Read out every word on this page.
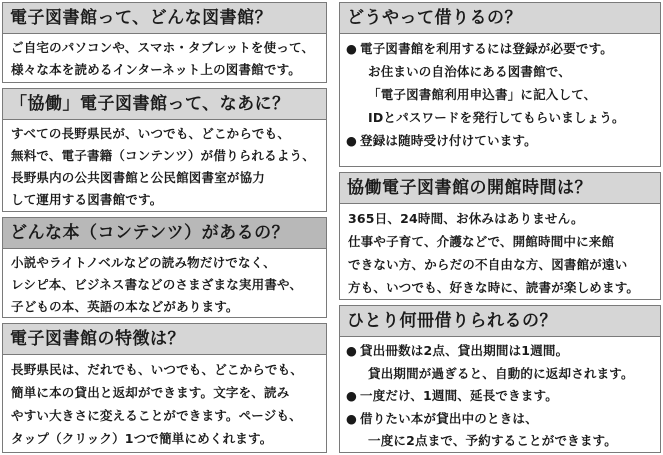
電子図書館って、どんな図書館？
ご自宅のパソコンや、スマホ・タブレットを使って、
様々な本を読めるインターネット上の図書館です。
「協働」電子図書館って、なあに？
すべての長野県民が、いつでも、どこからでも、
無料で、電子書籍（コンテンツ）が借りられるよう、
長野県内の公共図書館と公民館図書室が協力
して運用する図書館です。
どんな本（コンテンツ）があるの？
小説やライトノベルなどの読み物だけでなく、
レシピ本、ビジネス書などのさまざまな実用書や、
子どもの本、英語の本などがあります。
電子図書館の特徴は？
長野県民は、だれでも、いつでも、どこからでも、
簡単に本の貸出と返却ができます。文字を、読み
やすい大きさに変えることができます。ページも、
タップ（クリック）1つで簡単にめくれます。
どうやって借りるの？
● 電子図書館を利用するには登録が必要です。
お住まいの自治体にある図書館で、
「電子図書館利用申込書」に記入して、
IDとパスワードを発行してもらいましょう。
● 登録は随時受け付けています。
協働電子図書館の開館時間は？
365日、24時間、お休みはありません。
仕事や子育て、介護などで、開館時間中に来館
できない方、からだの不自由な方、図書館が遠い
方も、いつでも、好きな時に、読書が楽しめます。
ひとり何冊借りられるの？
● 貸出冊数は2点、貸出期間は1週間。
貸出期間が過ぎると、自動的に返却されます。
● 一度だけ、1週間、延長できます。
● 借りたい本が貸出中のときは、
一度に2点まで、予約することができます。
